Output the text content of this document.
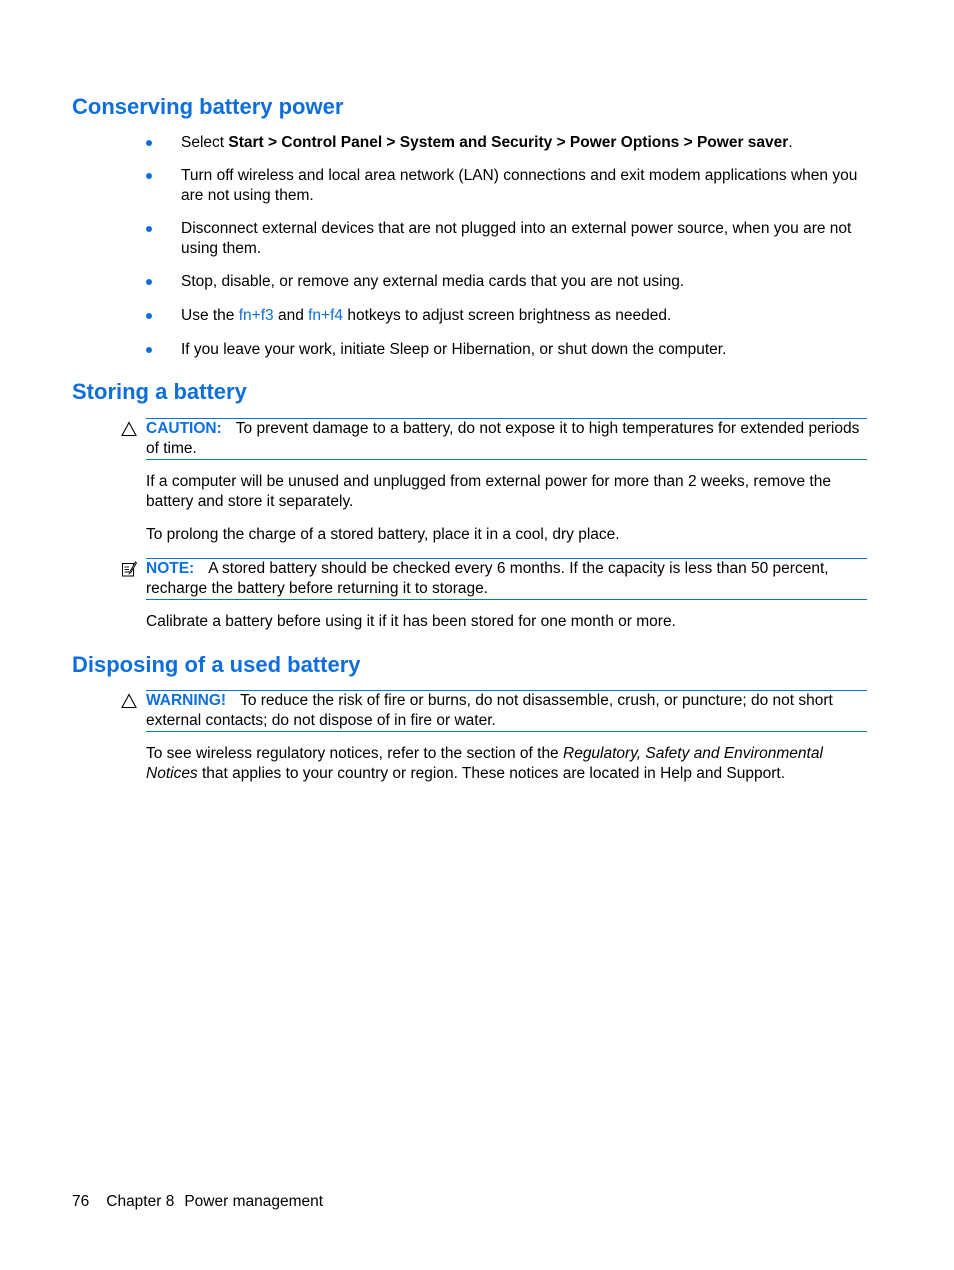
Conserving battery power
Select Start > Control Panel > System and Security > Power Options > Power saver.
Turn off wireless and local area network (LAN) connections and exit modem applications when you are not using them.
Disconnect external devices that are not plugged into an external power source, when you are not using them.
Stop, disable, or remove any external media cards that you are not using.
Use the fn+f3 and fn+f4 hotkeys to adjust screen brightness as needed.
If you leave your work, initiate Sleep or Hibernation, or shut down the computer.
Storing a battery
CAUTION: To prevent damage to a battery, do not expose it to high temperatures for extended periods of time.

If a computer will be unused and unplugged from external power for more than 2 weeks, remove the battery and store it separately.

To prolong the charge of a stored battery, place it in a cool, dry place.

NOTE: A stored battery should be checked every 6 months. If the capacity is less than 50 percent, recharge the battery before returning it to storage.

Calibrate a battery before using it if it has been stored for one month or more.

Disposing of a used battery
WARNING! To reduce the risk of fire or burns, do not disassemble, crush, or puncture; do not short external contacts; do not dispose of in fire or water.

To see wireless regulatory notices, refer to the section of the Regulatory, Safety and Environmental Notices that applies to your country or region. These notices are located in Help and Support.

76 Chapter 8 Power management
